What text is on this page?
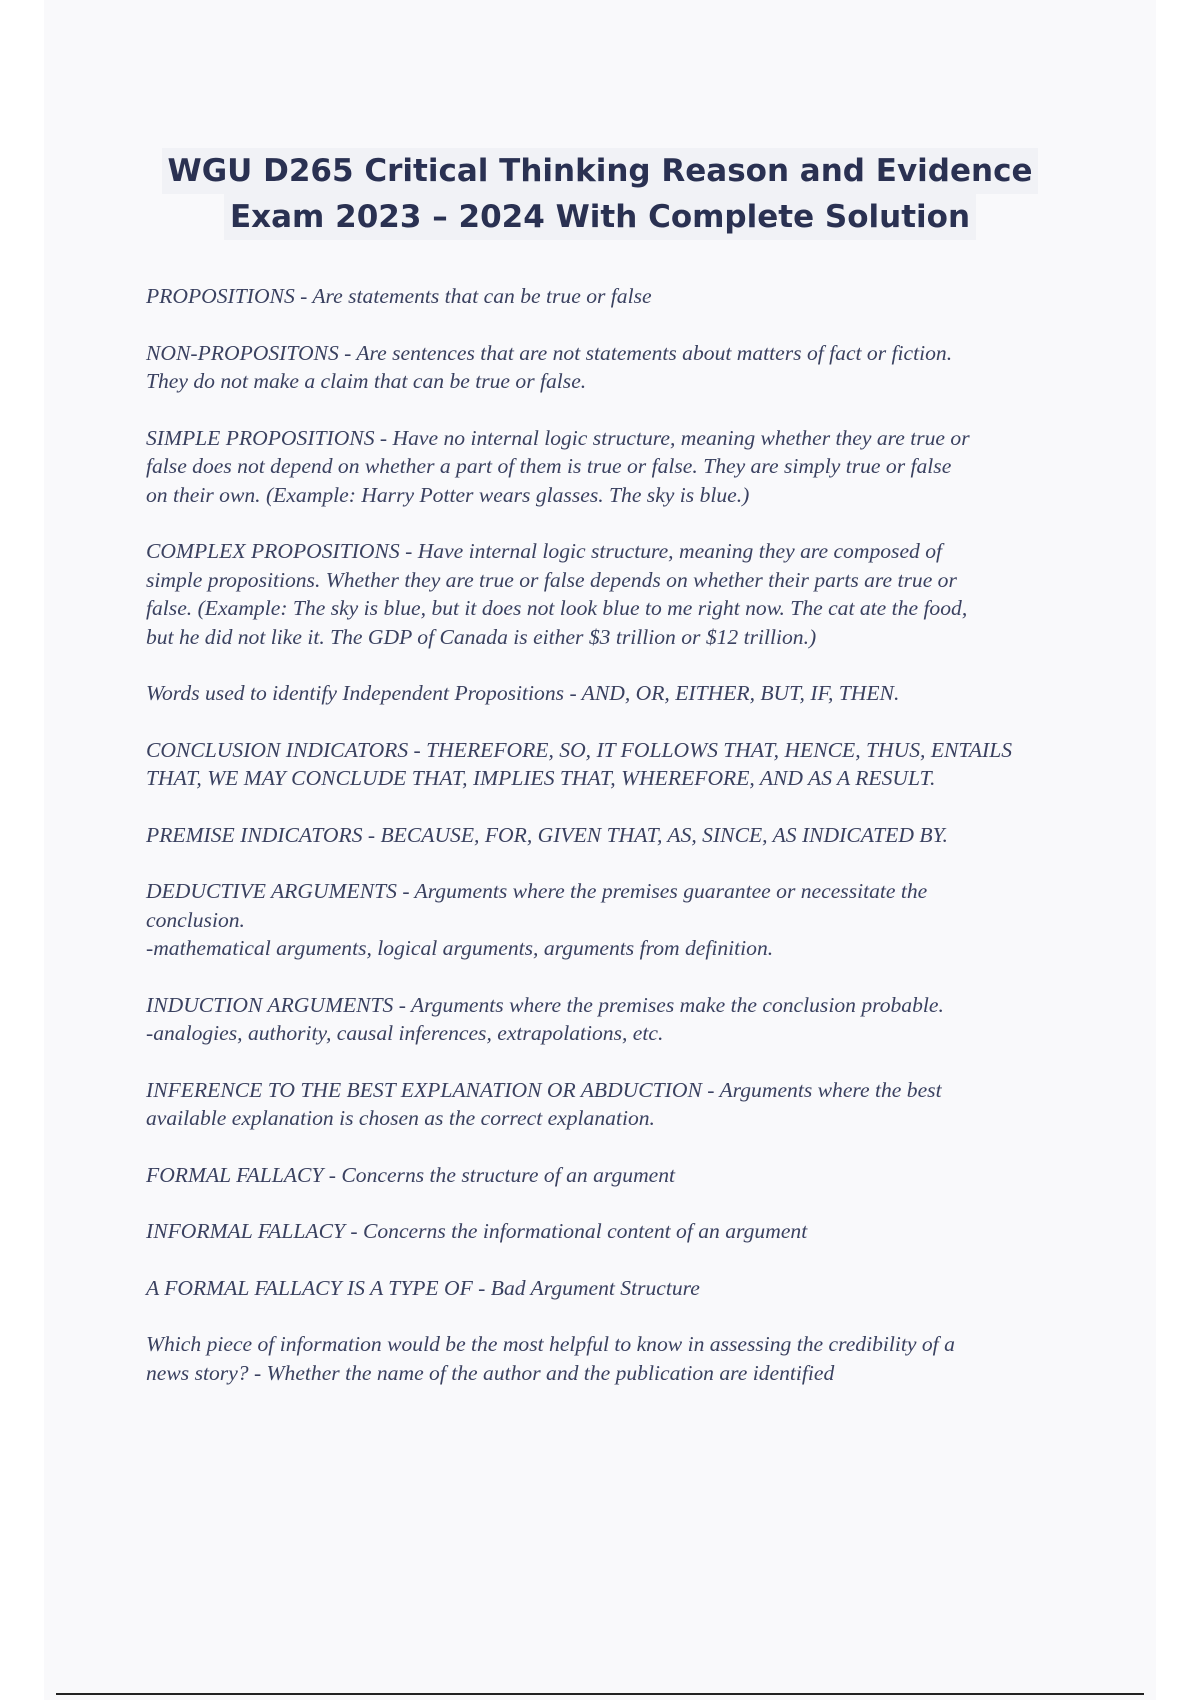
WGU D265 Critical Thinking Reason and Evidence
Exam 2023 – 2024 With Complete Solution

PROPOSITIONS - Are statements that can be true or false

NON-PROPOSITONS - Are sentences that are not statements about matters of fact or fiction.
They do not make a claim that can be true or false.

SIMPLE PROPOSITIONS - Have no internal logic structure, meaning whether they are true or
false does not depend on whether a part of them is true or false. They are simply true or false
on their own. (Example: Harry Potter wears glasses. The sky is blue.)

COMPLEX PROPOSITIONS - Have internal logic structure, meaning they are composed of
simple propositions. Whether they are true or false depends on whether their parts are true or
false. (Example: The sky is blue, but it does not look blue to me right now. The cat ate the food,
but he did not like it. The GDP of Canada is either $3 trillion or $12 trillion.)

Words used to identify Independent Propositions - AND, OR, EITHER, BUT, IF, THEN.

CONCLUSION INDICATORS - THEREFORE, SO, IT FOLLOWS THAT, HENCE, THUS, ENTAILS
THAT, WE MAY CONCLUDE THAT, IMPLIES THAT, WHEREFORE, AND AS A RESULT.

PREMISE INDICATORS - BECAUSE, FOR, GIVEN THAT, AS, SINCE, AS INDICATED BY.

DEDUCTIVE ARGUMENTS - Arguments where the premises guarantee or necessitate the
conclusion.
-mathematical arguments, logical arguments, arguments from definition.

INDUCTION ARGUMENTS - Arguments where the premises make the conclusion probable.
-analogies, authority, causal inferences, extrapolations, etc.

INFERENCE TO THE BEST EXPLANATION OR ABDUCTION - Arguments where the best
available explanation is chosen as the correct explanation.

FORMAL FALLACY - Concerns the structure of an argument

INFORMAL FALLACY - Concerns the informational content of an argument

A FORMAL FALLACY IS A TYPE OF - Bad Argument Structure

Which piece of information would be the most helpful to know in assessing the credibility of a
news story? - Whether the name of the author and the publication are identified
